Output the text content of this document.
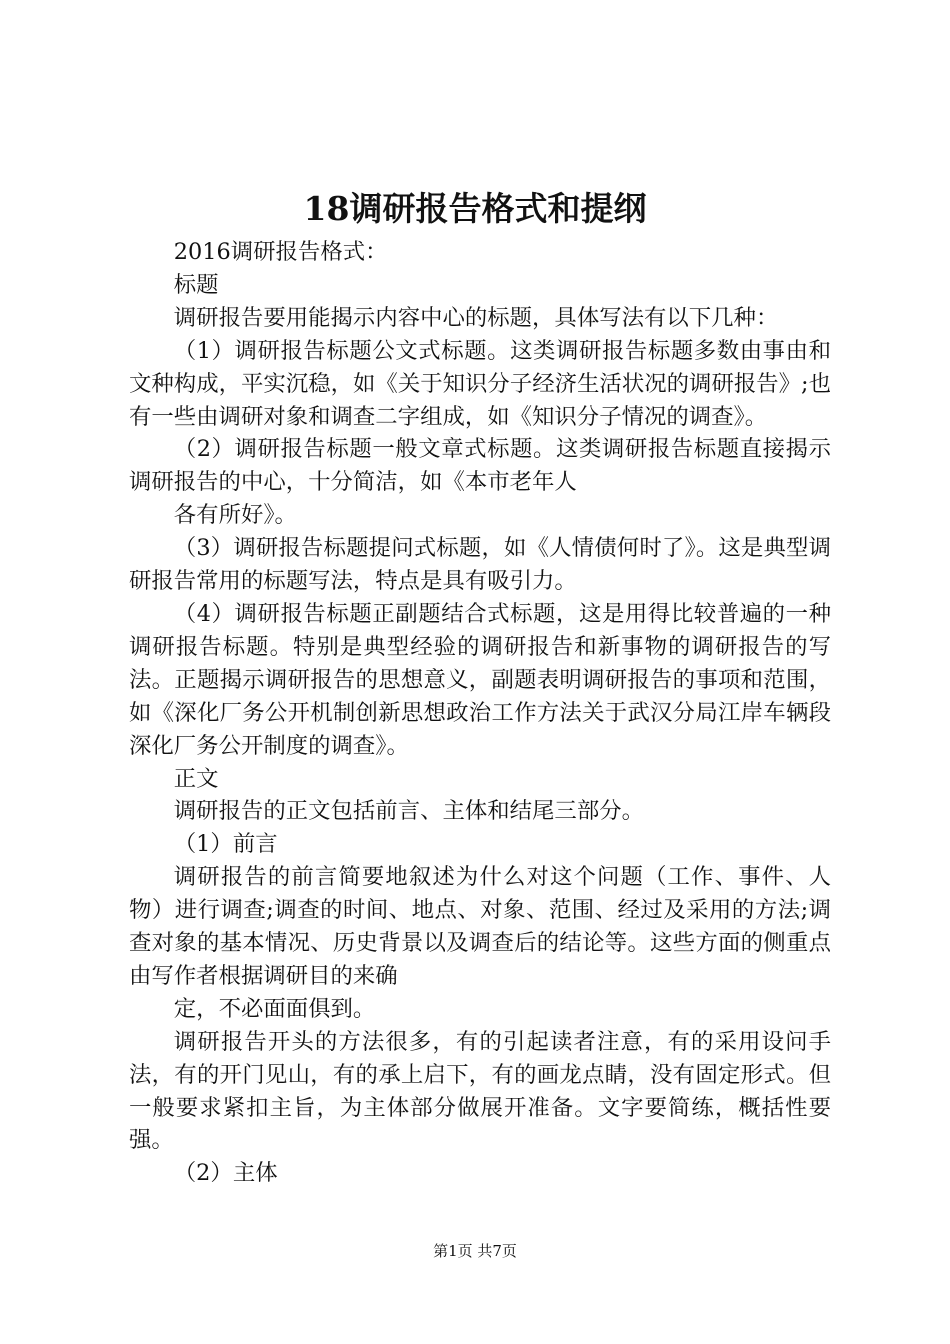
18调研报告格式和提纲

2016调研报告格式：

标题

调研报告要用能揭示内容中心的标题，具体写法有以下几种：

（1）调研报告标题公文式标题。这类调研报告标题多数由事由和文种构成，平实沉稳，如《关于知识分子经济生活状况的调研报告》;也有一些由调研对象和调查二字组成，如《知识分子情况的调查》。

（2）调研报告标题一般文章式标题。这类调研报告标题直接揭示调研报告的中心，十分简洁，如《本市老年人

各有所好》。

（3）调研报告标题提问式标题，如《人情债何时了》。这是典型调研报告常用的标题写法，特点是具有吸引力。

（4）调研报告标题正副题结合式标题，这是用得比较普遍的一种调研报告标题。特别是典型经验的调研报告和新事物的调研报告的写法。正题揭示调研报告的思想意义，副题表明调研报告的事项和范围，如《深化厂务公开机制创新思想政治工作方法关于武汉分局江岸车辆段深化厂务公开制度的调查》。

正文

调研报告的正文包括前言、主体和结尾三部分。

（1）前言

调研报告的前言简要地叙述为什么对这个问题（工作、事件、人物）进行调查;调查的时间、地点、对象、范围、经过及采用的方法;调查对象的基本情况、历史背景以及调查后的结论等。这些方面的侧重点由写作者根据调研目的来确

定，不必面面俱到。

调研报告开头的方法很多，有的引起读者注意，有的采用设问手法，有的开门见山，有的承上启下，有的画龙点睛，没有固定形式。但一般要求紧扣主旨，为主体部分做展开准备。文字要简练，概括性要强。

（2）主体

第1页 共7页
